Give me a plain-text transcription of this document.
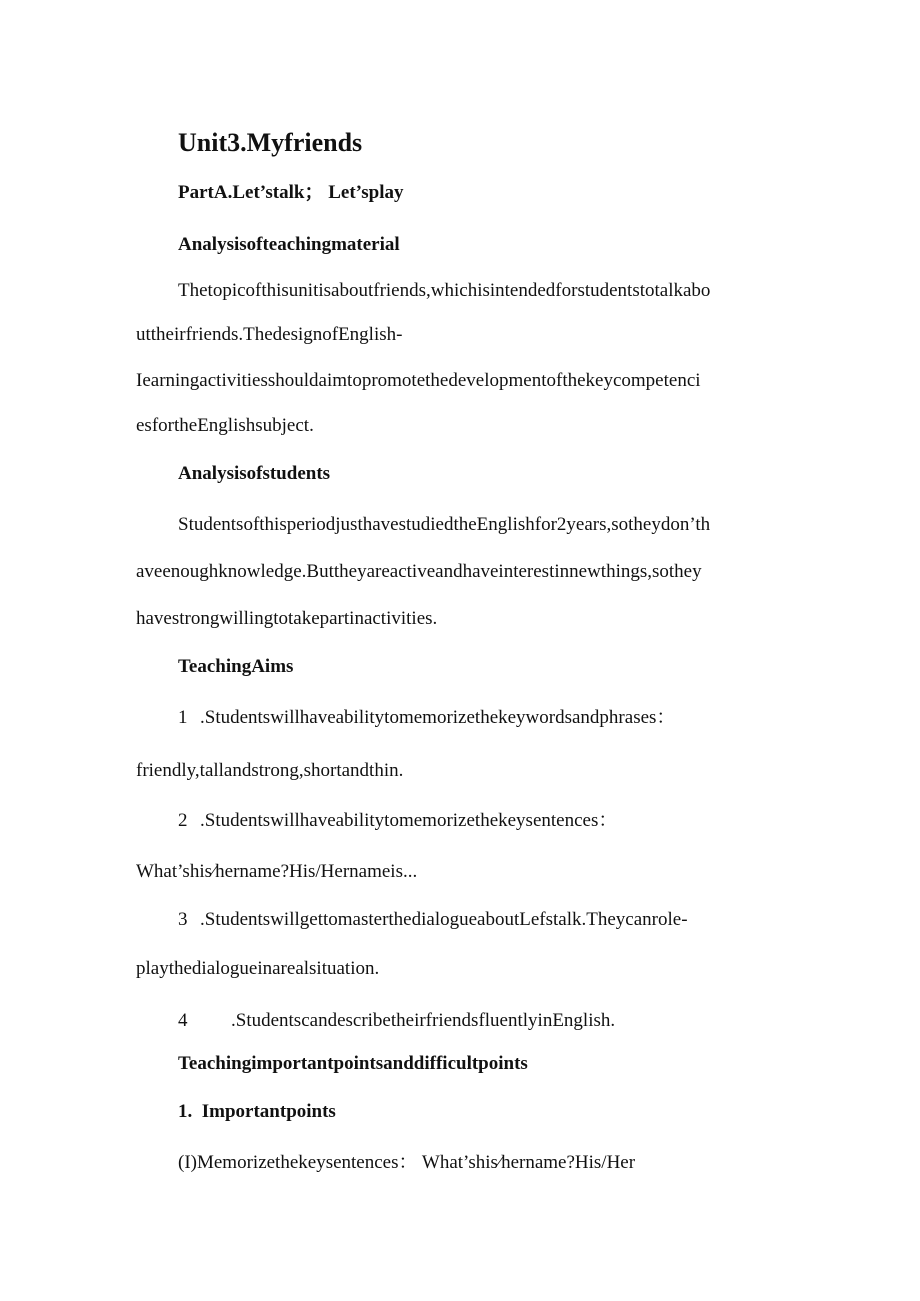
Unit3.Myfriends
PartA.Let’stalk； Let’splay
Analysisofteachingmaterial
Thetopicofthisunitisaboutfriends,whichisintendedforstudentstotalkabo
uttheirfriends.ThedesignofEnglish-
Iearningactivitiesshouldaimtopromotethedevelopmentofthekeycompetenci
esfortheEnglishsubject.
Analysisofstudents
StudentsofthisperiodjusthavestudiedtheEnglishfor2years,sotheydon’th
aveenoughknowledge.Buttheyareactiveandhaveinterestinnewthings,sothey
havestrongwillingtotakepartinactivities.
TeachingAims
1 .Studentswillhaveabilitytomemorizethekeywordsandphrases：
friendly,tallandstrong,shortandthin.
2 .Studentswillhaveabilitytomemorizethekeysentences：
What’shis∕hername?His/Hernameis...
3 .StudentswillgettomasterthedialogueaboutLefstalk.Theycanrole-
playthedialogueinarealsituation.
4 .StudentscandescribetheirfriendsfluentlyinEnglish.
Teachingimportantpointsanddifficultpoints
1.  Importantpoints
(I)Memorizethekeysentences： What’shis∕hername?His/Her
